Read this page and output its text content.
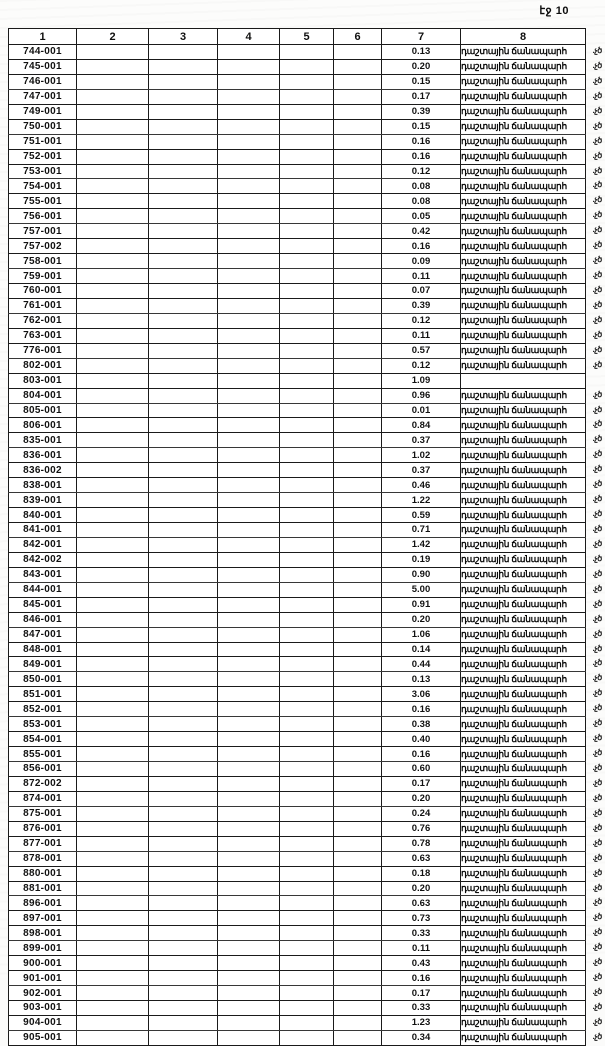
էջ 10
1	2	3	4	5	6	7	8
744-001						0.13	դաշտային ճանապարհ .չծ

745-001						0.20	դաշտային ճանապարհ .չծ

746-001						0.15	դաշտային ճանապարհ .չծ

747-001						0.17	դաշտային ճանապարհ .չծ

749-001						0.39	դաշտային ճանապարհ .չծ

750-001						0.15	դաշտային ճանապարհ .չծ

751-001						0.16	դաշտային ճանապարհ .չծ

752-001						0.16	դաշտային ճանապարհ .չծ

753-001						0.12	դաշտային ճանապարհ .չծ

754-001						0.08	դաշտային ճանապարհ .չծ

755-001						0.08	դաշտային ճանապարհ .չծ

756-001						0.05	դաշտային ճանապարհ .չծ

757-001						0.42	դաշտային ճանապարհ .չծ

757-002						0.16	դաշտային ճանապարհ .չծ

758-001						0.09	դաշտային ճանապարհ .չծ

759-001						0.11	դաշտային ճանապարհ .չծ

760-001						0.07	դաշտային ճանապարհ .չծ

761-001						0.39	դաշտային ճանապարհ .չծ

762-001						0.12	դաշտային ճանապարհ .չծ

763-001						0.11	դաշտային ճանապարհ .չծ

776-001						0.57	դաշտային ճանապարհ .չծ

802-001						0.12	դաշտային ճանապարհ .չծ

803-001						1.09	

804-001						0.96	դաշտային ճանապարհ .չծ

805-001						0.01	դաշտային ճանապարհ .չծ

806-001						0.84	դաշտային ճանապարհ .չծ

835-001						0.37	դաշտային ճանապարհ .չծ

836-001						1.02	դաշտային ճանապարհ .չծ

836-002						0.37	դաշտային ճանապարհ .չծ

838-001						0.46	դաշտային ճանապարհ .չծ

839-001						1.22	դաշտային ճանապարհ .չծ

840-001						0.59	դաշտային ճանապարհ .չծ

841-001						0.71	դաշտային ճանապարհ .չծ

842-001						1.42	դաշտային ճանապարհ .չծ

842-002						0.19	դաշտային ճանապարհ .չծ

843-001						0.90	դաշտային ճանապարհ .չծ

844-001						5.00	դաշտային ճանապարհ .չծ

845-001						0.91	դաշտային ճանապարհ .չծ

846-001						0.20	դաշտային ճանապարհ .չծ

847-001						1.06	դաշտային ճանապարհ .չծ

848-001						0.14	դաշտային ճանապարհ .չծ

849-001						0.44	դաշտային ճանապարհ .չծ

850-001						0.13	դաշտային ճանապարհ .չծ

851-001						3.06	դաշտային ճանապարհ .չծ

852-001						0.16	դաշտային ճանապարհ .չծ

853-001						0.38	դաշտային ճանապարհ .չծ

854-001						0.40	դաշտային ճանապարհ .չծ

855-001						0.16	դաշտային ճանապարհ .չծ

856-001						0.60	դաշտային ճանապարհ .չծ

872-002						0.17	դաշտային ճանապարհ .չծ

874-001						0.20	դաշտային ճանապարհ .չծ

875-001						0.24	դաշտային ճանապարհ .չծ

876-001						0.76	դաշտային ճանապարհ .չծ

877-001						0.78	դաշտային ճանապարհ .չծ

878-001						0.63	դաշտային ճանապարհ .չծ

880-001						0.18	դաշտային ճանապարհ .չծ

881-001						0.20	դաշտային ճանապարհ .չծ

896-001						0.63	դաշտային ճանապարհ .չծ

897-001						0.73	դաշտային ճանապարհ .չծ

898-001						0.33	դաշտային ճանապարհ .չծ

899-001						0.11	դաշտային ճանապարհ .չծ

900-001						0.43	դաշտային ճանապարհ .չծ

901-001						0.16	դաշտային ճանապարհ .չծ

902-001						0.17	դաշտային ճանապարհ .չծ

903-001						0.33	դաշտային ճանապարհ .չծ

904-001						1.23	դաշտային ճանապարհ .չծ

905-001						0.34	դաշտային ճանապարհ .չծ
